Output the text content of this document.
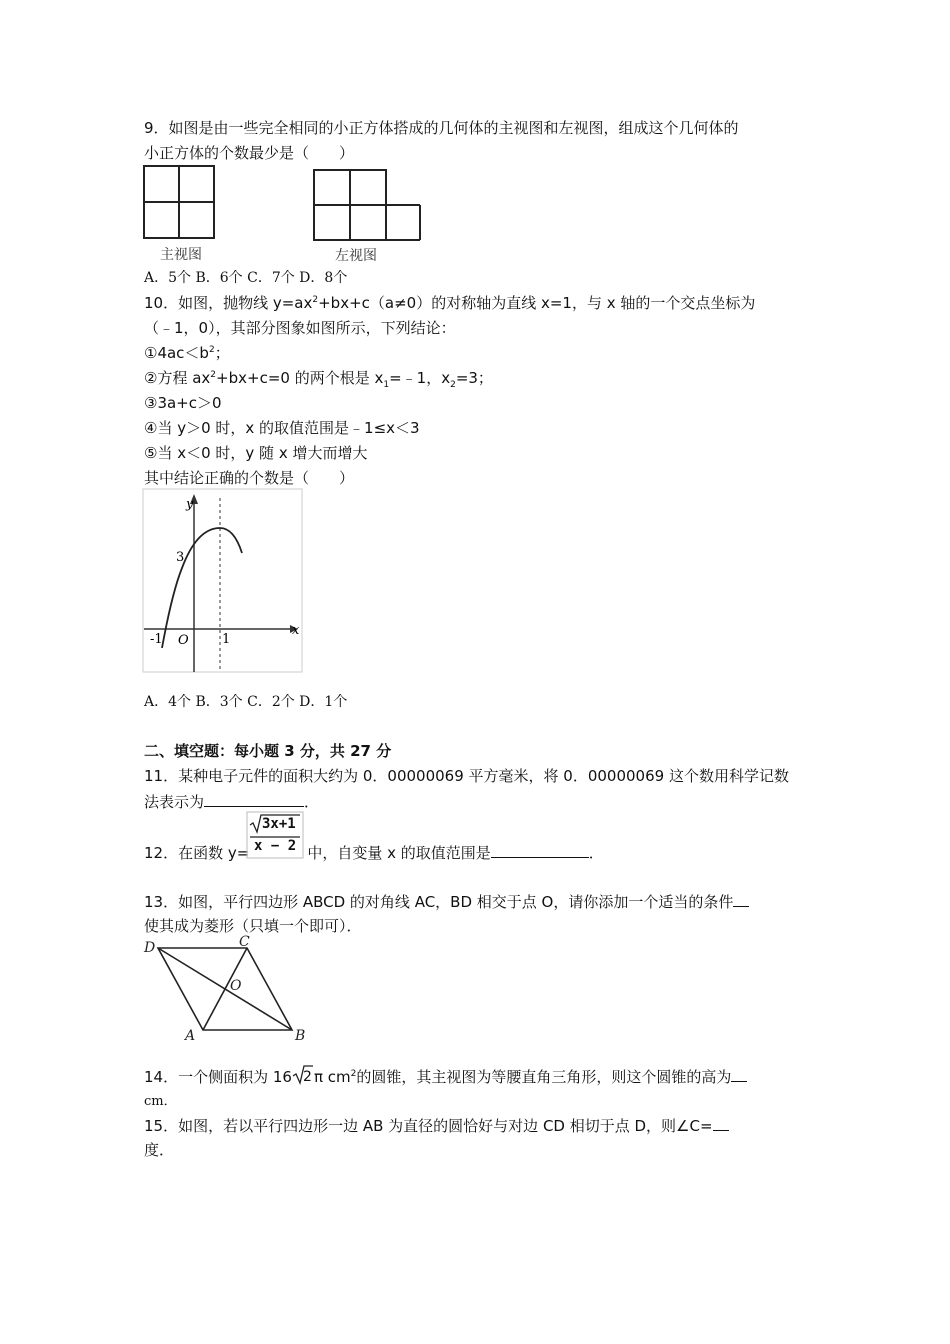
9．如图是由一些完全相同的小正方体搭成的几何体的主视图和左视图，组成这个几何体的
小正方体的个数最少是（　　）
主视图	左视图
A．5个 B．6个 C．7个 D．8个
10．如图，抛物线 $y=ax^2+bx+c(a\ne 0)$的对称轴为直线 x=1，与 x 轴的一个交点坐标为
（﹣1，0），其部分图象如图所示，下列结论：
$①4ac<b^2$；
②方程 $ax^2+bx+c=0$ 的两个根是 $x_1=﹣1$，$x_2=3$；
③3a+c＞0
④当 y＞0 时，x 的取值范围是﹣1≤x＜3
⑤当 x＜0 时，y 随 x 增大而增大
其中结论正确的个数是（　　）
y
x
3
-1 O	1
A．4个 B．3个 C．2个 D．1个
二、填空题：每小题 3 分，共 27 分
11．某种电子元件的面积大约为 0．00000069 平方毫米，将 0．00000069 这个数用科学记数
法表示为	．
12．在函数 y=	中，自变量 x 的取值范围是	．
3x+1
x − 2
13．如图，平行四边形 ABCD 的对角线 AC，BD 相交于点 O，请你添加一个适当的条件
使其成为菱形（只填一个即可）．
D	C
O
A	B
14．一个侧面积为 16 2 π $cm^2$的圆锥，其主视图为等腰直角三角形，则这个圆锥的高为
cm．
15．如图，若以平行四边形一边 AB 为直径的圆恰好与对边 CD 相切于点 D，则∠C=
度．
